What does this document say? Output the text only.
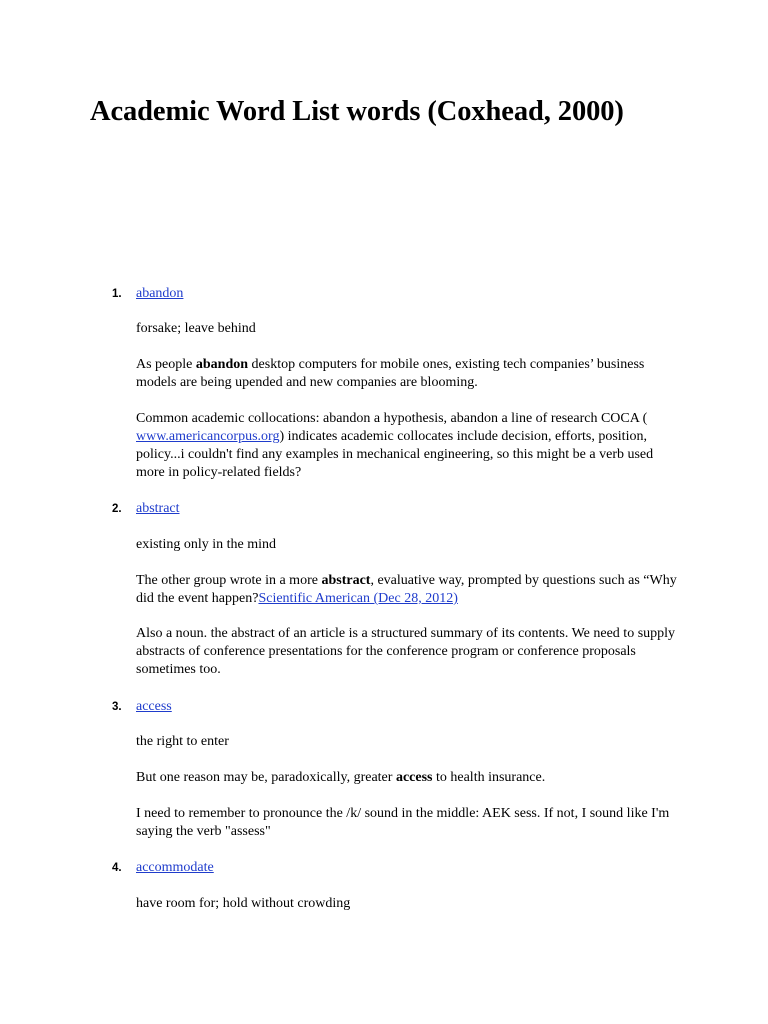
Academic Word List words (Coxhead, 2000)
1.	abandon

forsake; leave behind

As people abandon desktop computers for mobile ones, existing tech companies’ business models are being upended and new companies are blooming.

Common academic collocations: abandon a hypothesis, abandon a line of research COCA ( www.americancorpus.org) indicates academic collocates include decision, efforts, position, policy...i couldn't find any examples in mechanical engineering, so this might be a verb used more in policy-related fields?

2.	abstract

existing only in the mind

The other group wrote in a more abstract, evaluative way, prompted by questions such as “Why did the event happen?Scientific American (Dec 28, 2012)

Also a noun. the abstract of an article is a structured summary of its contents. We need to supply abstracts of conference presentations for the conference program or conference proposals sometimes too.

3.	access

the right to enter

But one reason may be, paradoxically, greater access to health insurance.

I need to remember to pronounce the /k/ sound in the middle: AEK sess. If not, I sound like I'm saying the verb "assess"

4.	accommodate

have room for; hold without crowding
